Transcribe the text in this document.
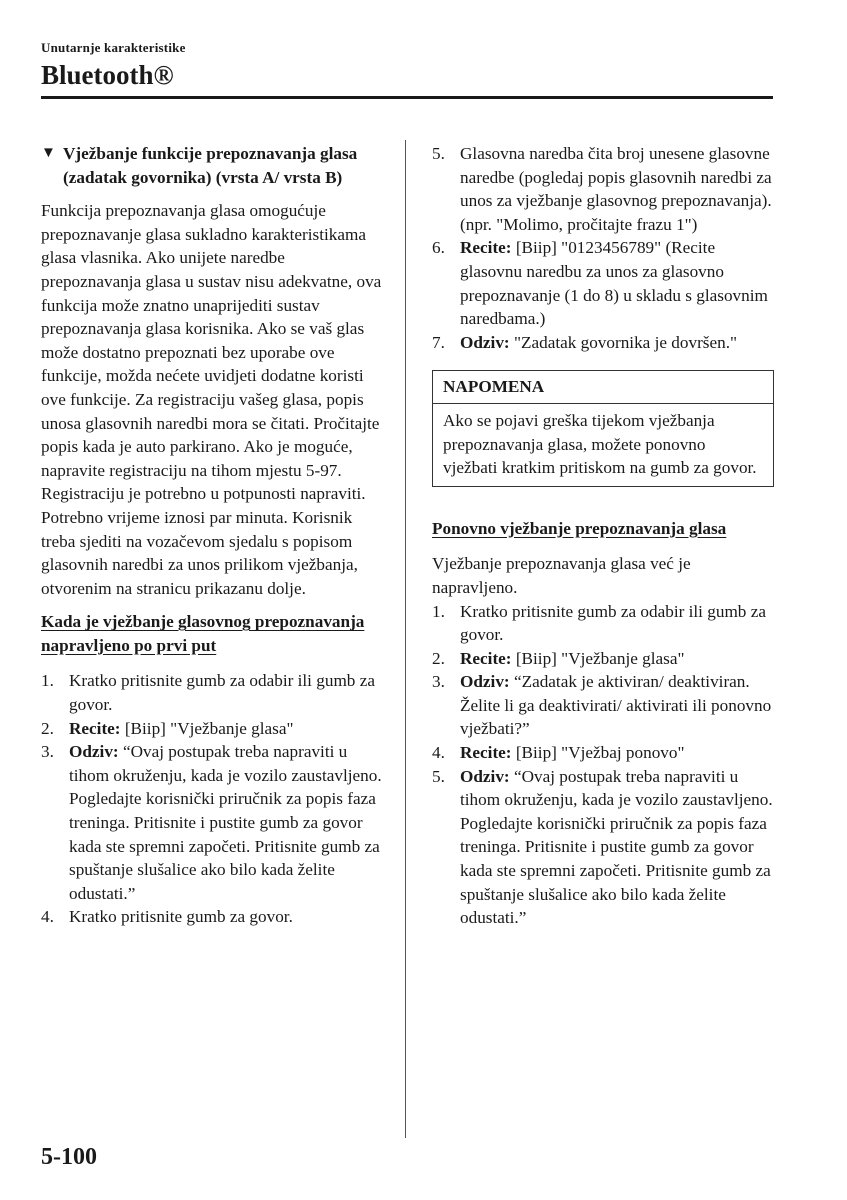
Unutarnje karakteristike
Bluetooth®
▼ Vježbanje funkcije prepoznavanja glasa (zadatak govornika) (vrsta A/ vrsta B)

Funkcija prepoznavanja glasa omogućuje prepoznavanje glasa sukladno karakteristikama glasa vlasnika. Ako unijete naredbe prepoznavanja glasa u sustav nisu adekvatne, ova funkcija može znatno unaprijediti sustav prepoznavanja glasa korisnika. Ako se vaš glas može dostatno prepoznati bez uporabe ove funkcije, možda nećete uvidjeti dodatne koristi ove funkcije. Za registraciju vašeg glasa, popis unosa glasovnih naredbi mora se čitati. Pročitajte popis kada je auto parkirano. Ako je moguće, napravite registraciju na tihom mjestu 5-97. Registraciju je potrebno u potpunosti napraviti. Potrebno vrijeme iznosi par minuta. Korisnik treba sjediti na vozačevom sjedalu s popisom glasovnih naredbi za unos prilikom vježbanja, otvorenim na stranicu prikazanu dolje.

Kada je vježbanje glasovnog prepoznavanja napravljeno po prvi put
1. Kratko pritisnite gumb za odabir ili gumb za govor.
2. Recite: [Biip] "Vježbanje glasa"
3. Odziv: “Ovaj postupak treba napraviti u tihom okruženju, kada je vozilo zaustavljeno. Pogledajte korisnički priručnik za popis faza treninga. Pritisnite i pustite gumb za govor kada ste spremni započeti. Pritisnite gumb za spuštanje slušalice ako bilo kada želite odustati.”
4. Kratko pritisnite gumb za govor.
5. Glasovna naredba čita broj unesene glasovne naredbe (pogledaj popis glasovnih naredbi za unos za vježbanje glasovnog prepoznavanja). (npr. "Molimo, pročitajte frazu 1")
6. Recite: [Biip] "0123456789" (Recite glasovnu naredbu za unos za glasovno prepoznavanje (1 do 8) u skladu s glasovnim naredbama.)
7. Odziv: "Zadatak govornika je dovršen."
NAPOMENA
Ako se pojavi greška tijekom vježbanja prepoznavanja glasa, možete ponovno vježbati kratkim pritiskom na gumb za govor.
Ponovno vježbanje prepoznavanja glasa

Vježbanje prepoznavanja glasa već je napravljeno.

1. Kratko pritisnite gumb za odabir ili gumb za govor.
2. Recite: [Biip] "Vježbanje glasa"
3. Odziv: “Zadatak je aktiviran/ deaktiviran. Želite li ga deaktivirati/ aktivirati ili ponovno vježbati?”
4. Recite: [Biip] "Vježbaj ponovo"
5. Odziv: “Ovaj postupak treba napraviti u tihom okruženju, kada je vozilo zaustavljeno. Pogledajte korisnički priručnik za popis faza treninga. Pritisnite i pustite gumb za govor kada ste spremni započeti. Pritisnite gumb za spuštanje slušalice ako bilo kada želite odustati.”
5-100
